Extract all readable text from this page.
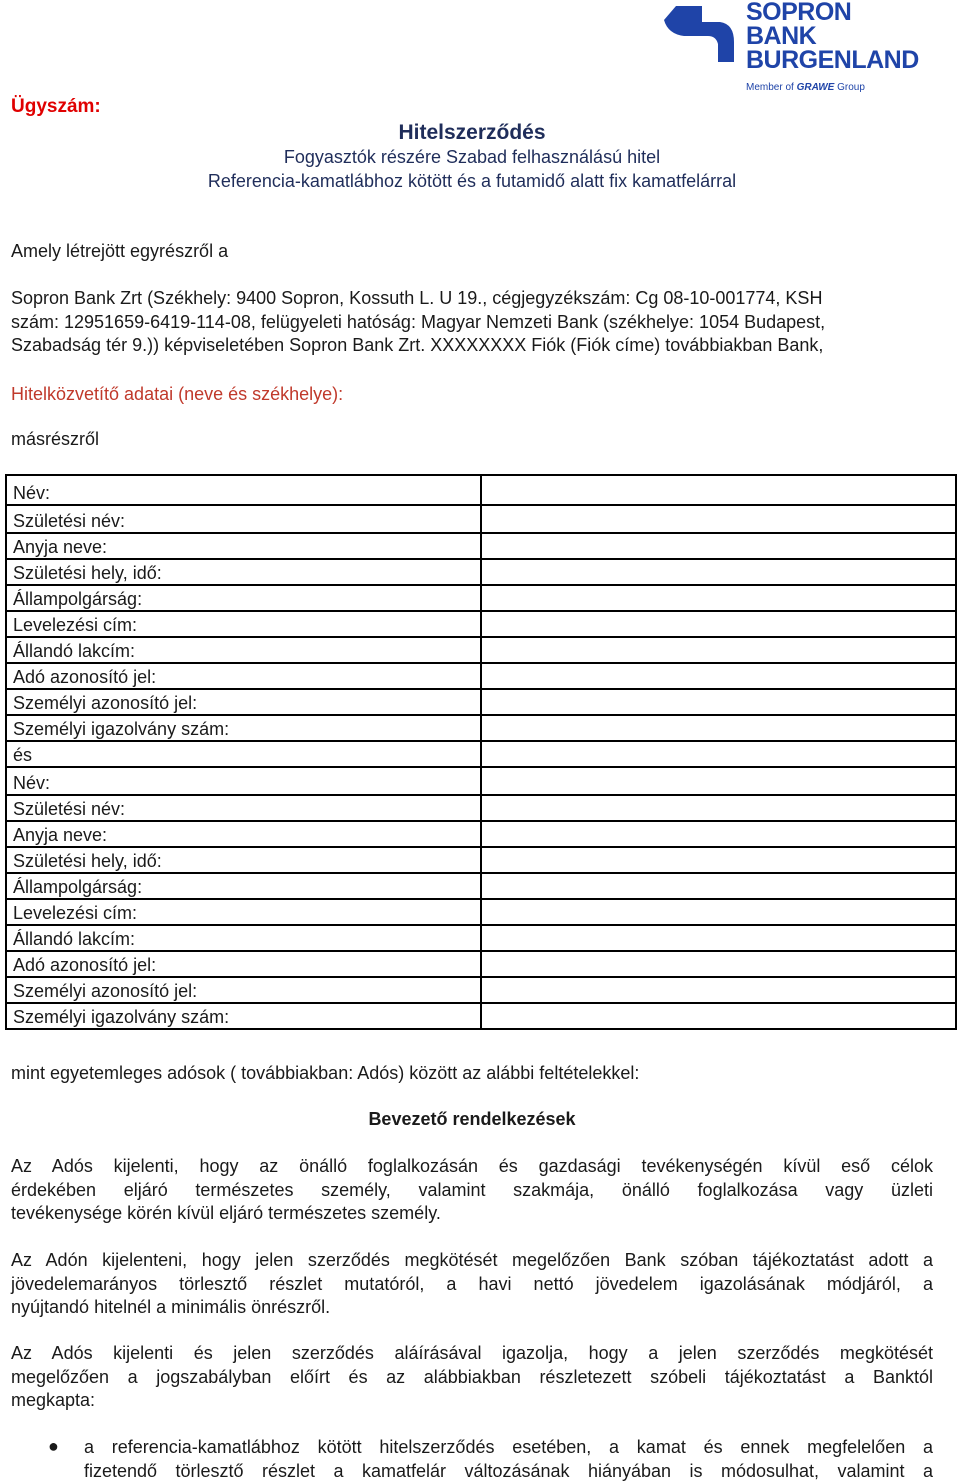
SOPRON
BANK
BURGENLAND
Member of GRAWE Group
Ügyszám:
Hitelszerződés
Fogyasztók részére Szabad felhasználású hitel
Referencia-kamatlábhoz kötött és a futamidő alatt fix kamatfelárral
Amely létrejött egyrészről a
Sopron Bank Zrt (Székhely: 9400 Sopron, Kossuth L. U 19., cégjegyzékszám: Cg 08-10-001774, KSH
szám: 12951659-6419-114-08, felügyeleti hatóság: Magyar Nemzeti Bank (székhelye: 1054 Budapest,
Szabadság tér 9.)) képviseletében Sopron Bank Zrt. XXXXXXXX Fiók (Fiók címe) továbbiakban Bank,
Hitelközvetítő adatai (neve és székhelye):
másrészről
Név:	
Születési név:	
Anyja neve:	
Születési hely, idő:	
Állampolgárság:	
Levelezési cím:	
Állandó lakcím:	
Adó azonosító jel:	
Személyi azonosító jel:	
Személyi igazolvány szám:	
és	
Név:	
Születési név:	
Anyja neve:	
Születési hely, idő:	
Állampolgárság:	
Levelezési cím:	
Állandó lakcím:	
Adó azonosító jel:	
Személyi azonosító jel:	
Személyi igazolvány szám:	
mint egyetemleges adósok ( továbbiakban: Adós) között az alábbi feltételekkel:
Bevezető rendelkezések
Az Adós kijelenti, hogy az önálló foglalkozásán és gazdasági tevékenységén kívül eső célok
érdekében eljáró természetes személy, valamint szakmája, önálló foglalkozása vagy üzleti
tevékenysége körén kívül eljáró természetes személy.
Az Adón kijelenteni, hogy jelen szerződés megkötését megelőzően Bank szóban tájékoztatást adott a
jövedelemarányos törlesztő részlet mutatóról, a havi nettó jövedelem igazolásának módjáról, a
nyújtandó hitelnél a minimális önrészről.
Az Adós kijelenti és jelen szerződés aláírásával igazolja, hogy a jelen szerződés megkötését
megelőzően a jogszabályban előírt és az alábbiakban részletezett szóbeli tájékoztatást a Banktól
megkapta:
● a referencia-kamatlábhoz kötött hitelszerződés esetében, a kamat és ennek megfelelően a
fizetendő törlesztő részlet a kamatfelár változásának hiányában is módosulhat, valamint a
